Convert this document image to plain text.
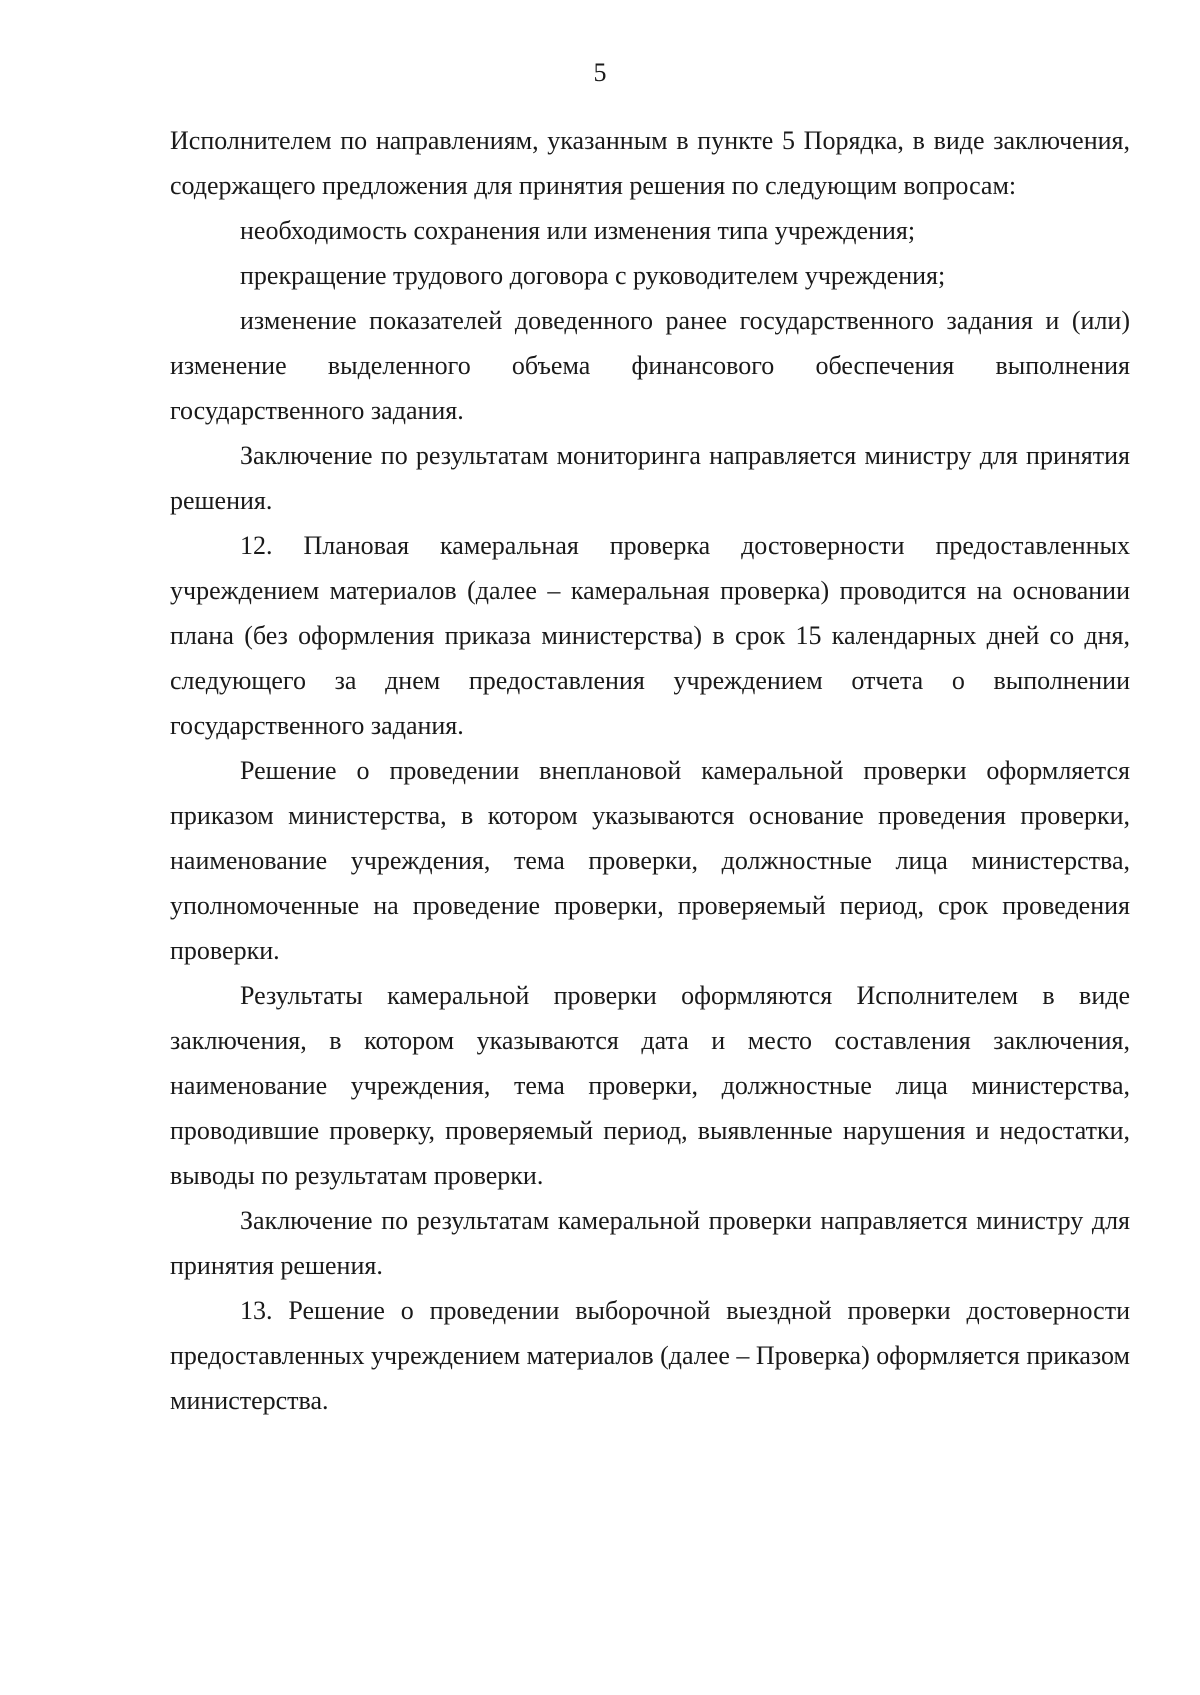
5

Исполнителем по направлениям, указанным в пункте 5 Порядка, в виде заключения, содержащего предложения для принятия решения по следующим вопросам:

необходимость сохранения или изменения типа учреждения;

прекращение трудового договора с руководителем учреждения;

изменение показателей доведенного ранее государственного задания и (или) изменение выделенного объема финансового обеспечения выполнения государственного задания.

Заключение по результатам мониторинга направляется министру для принятия решения.

12. Плановая камеральная проверка достоверности предоставленных учреждением материалов (далее – камеральная проверка) проводится на основании плана (без оформления приказа министерства) в срок 15 календарных дней со дня, следующего за днем предоставления учреждением отчета о выполнении государственного задания.

Решение о проведении внеплановой камеральной проверки оформляется приказом министерства, в котором указываются основание проведения проверки, наименование учреждения, тема проверки, должностные лица министерства, уполномоченные на проведение проверки, проверяемый период, срок проведения проверки.

Результаты камеральной проверки оформляются Исполнителем в виде заключения, в котором указываются дата и место составления заключения, наименование учреждения, тема проверки, должностные лица министерства, проводившие проверку, проверяемый период, выявленные нарушения и недостатки, выводы по результатам проверки.

Заключение по результатам камеральной проверки направляется министру для принятия решения.

13. Решение о проведении выборочной выездной проверки достоверности предоставленных учреждением материалов (далее – Проверка) оформляется приказом министерства.
